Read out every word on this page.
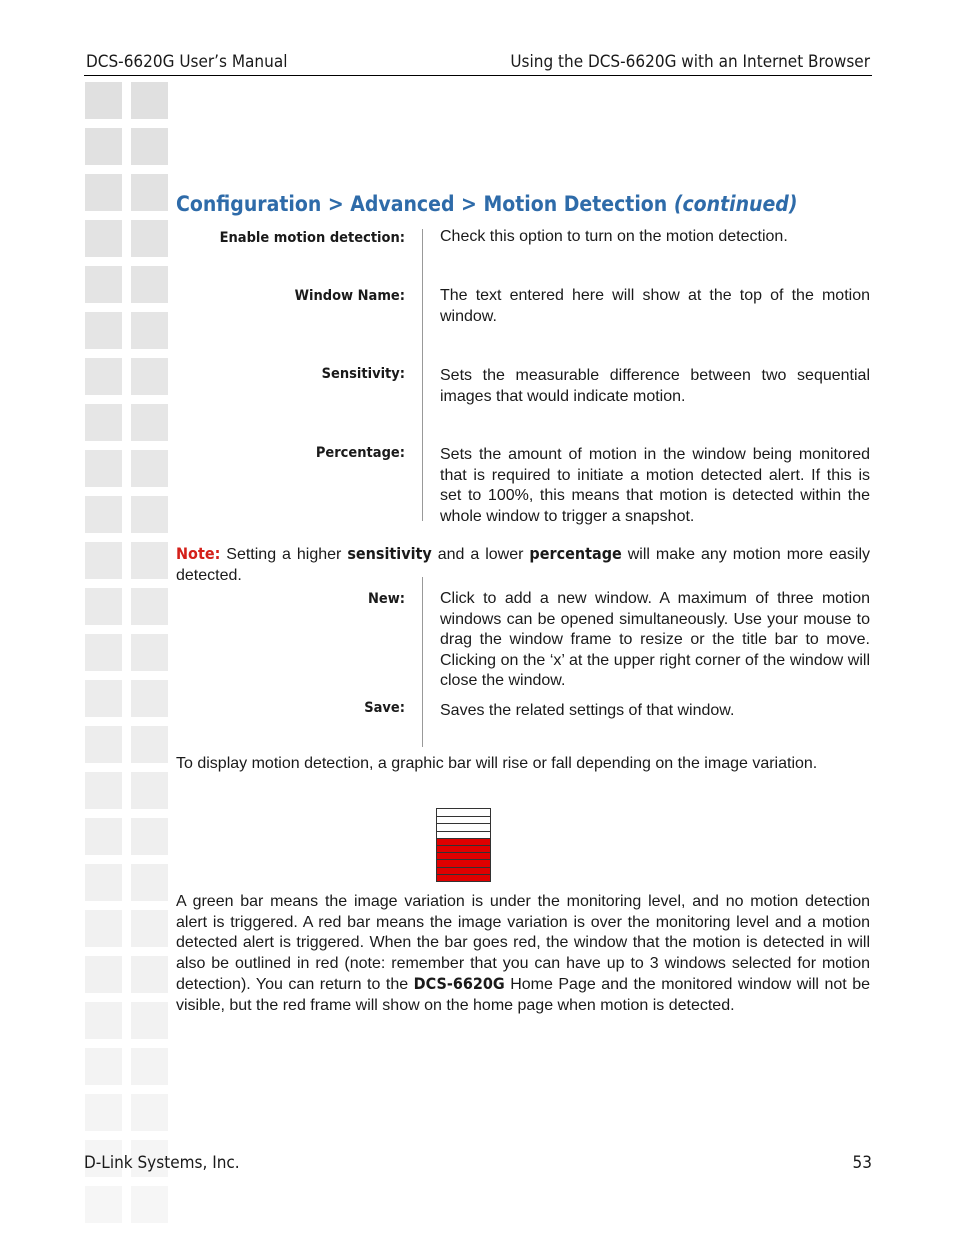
DCS-6620G User’s Manual	Using the DCS-6620G with an Internet Browser
Configuration > Advanced > Motion Detection (continued)
Enable motion detection: Check this option to turn on the motion detection.
Window Name: The text entered here will show at the top of the motion window.
Sensitivity: Sets the measurable difference between two sequential images that would indicate motion.
Percentage: Sets the amount of motion in the window being monitored that is required to initiate a motion detected alert. If this is set to 100%, this means that motion is detected within the whole window to trigger a snapshot.
Note: Setting a higher sensitivity and a lower percentage will make any motion more easily detected.
New: Click to add a new window. A maximum of three motion windows can be opened simultaneously. Use your mouse to drag the window frame to resize or the title bar to move. Clicking on the ‘x’ at the upper right corner of the window will close the window.
Save: Saves the related settings of that window.
To display motion detection, a graphic bar will rise or fall depending on the image variation.
A green bar means the image variation is under the monitoring level, and no motion detection alert is triggered. A red bar means the image variation is over the monitoring level and a motion detected alert is triggered. When the bar goes red, the window that the motion is detected in will also be outlined in red (note: remember that you can have up to 3 windows selected for motion detection). You can return to the DCS-6620G Home Page and the monitored window will not be visible, but the red frame will show on the home page when motion is detected.
D-Link Systems, Inc.	53
